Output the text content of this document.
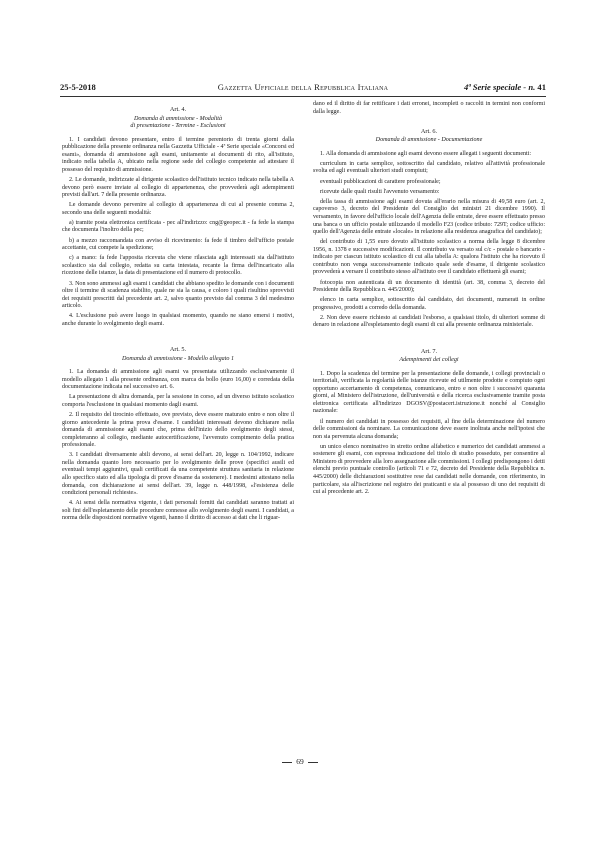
25-5-2018	Gazzetta Ufficiale della Repubblica Italiana	4ª Serie speciale - n. 41
Art. 4.
Domanda di ammissione - Modalità
di presentazione - Termine - Esclusioni

1. I candidati devono presentare, entro il termine perentorio di trenta giorni dalla pubblicazione della presente ordinanza nella Gazzetta Ufficiale - 4ª Serie speciale «Concorsi ed esami», domanda di ammissione agli esami, unitamente ai documenti di rito, all'istituto, indicato nella tabella A, ubicato nella regione sede del collegio competente ad attestare il possesso del requisito di ammissione.

2. Le domande, indirizzate al dirigente scolastico dell'istituto tecnico indicato nella tabella A devono però essere inviate al collegio di appartenenza, che provvederà agli adempimenti previsti dall'art. 7 della presente ordinanza.

Le domande devono pervenire al collegio di appartenenza di cui al presente comma 2, secondo una delle seguenti modalità:

a) tramite posta elettronica certificata - pec all'indirizzo: cng@geopec.it - fa fede la stampa che documenta l'inoltro della pec;

b) a mezzo raccomandata con avviso di ricevimento: fa fede il timbro dell'ufficio postale accettante, cui compete la spedizione;

c) a mano: fa fede l'apposita ricevuta che viene rilasciata agli interessati sia dall'istituto scolastico sia dal collegio, redatta su carta intestata, recante la firma dell'incaricato alla ricezione delle istanze, la data di presentazione ed il numero di protocollo.

3. Non sono ammessi agli esami i candidati che abbiano spedito le domande con i documenti oltre il termine di scadenza stabilito, quale ne sia la causa, e coloro i quali risultino sprovvisti dei requisiti prescritti dal precedente art. 2, salvo quanto previsto dal comma 3 del medesimo articolo.

4. L'esclusione può avere luogo in qualsiasi momento, quando ne siano emersi i motivi, anche durante lo svolgimento degli esami.

Art. 5.
Domanda di ammissione - Modello allegato 1

1. La domanda di ammissione agli esami va presentata utilizzando esclusivamente il modello allegato 1 alla presente ordinanza, con marca da bollo (euro 16,00) e corredata della documentazione indicata nel successivo art. 6.

La presentazione di altra domanda, per la sessione in corso, ad un diverso istituto scolastico comporta l'esclusione in qualsiasi momento dagli esami.

2. Il requisito del tirocinio effettuato, ove previsto, deve essere maturato entro e non oltre il giorno antecedente la prima prova d'esame. I candidati interessati devono dichiarare nella domanda di ammissione agli esami che, prima dell'inizio dello svolgimento degli stessi, completeranno al collegio, mediante autocertificazione, l'avvenuto compimento della pratica professionale.

3. I candidati diversamente abili devono, ai sensi dell'art. 20, legge n. 104/1992, indicare nella domanda quanto loro necessario per lo svolgimento delle prove (specifici ausili ed eventuali tempi aggiuntivi, quali certificati da una competente struttura sanitaria in relazione allo specifico stato ed alla tipologia di prove d'esame da sostenere). I medesimi attestano nella domanda, con dichiarazione ai sensi dell'art. 39, legge n. 448/1998, «l'esistenza delle condizioni personali richieste».

4. Ai sensi della normativa vigente, i dati personali forniti dai candidati saranno trattati ai soli fini dell'espletamento delle procedure connesse allo svolgimento degli esami. I candidati, a norma delle disposizioni normative vigenti, hanno il diritto di accesso ai dati che li riguar-

dano ed il diritto di far rettificare i dati erronei, incompleti o raccolti in termini non conformi dalla legge.

Art. 6.
Domanda di ammissione - Documentazione

1. Alla domanda di ammissione agli esami devono essere allegati i seguenti documenti:

curriculum in carta semplice, sottoscritto dal candidato, relativo all'attività professionale svolta ed agli eventuali ulteriori studi compiuti;

eventuali pubblicazioni di carattere professionale;

ricevute dalle quali risulti l'avvenuto versamento:

della tassa di ammissione agli esami dovuta all'erario nella misura di 49,58 euro (art. 2, capoverso 3, decreto del Presidente del Consiglio dei ministri 21 dicembre 1990). Il versamento, in favore dell'ufficio locale dell'Agenzia delle entrate, deve essere effettuato presso una banca o un ufficio postale utilizzando il modello F23 (codice tributo: 729T; codice ufficio: quello dell'Agenzia delle entrate «locale» in relazione alla residenza anagrafica del candidato);

del contributo di 1,55 euro dovuto all'istituto scolastico a norma della legge 8 dicembre 1956, n. 1378 e successive modificazioni. Il contributo va versato sul c/c - postale o bancario - indicato per ciascun istituto scolastico di cui alla tabella A: qualora l'istituto che ha ricevuto il contributo non venga successivamente indicato quale sede d'esame, il dirigente scolastico provvederà a versare il contributo stesso all'istituto ove il candidato effettuerà gli esami;

fotocopia non autenticata di un documento di identità (art. 38, comma 3, decreto del Presidente della Repubblica n. 445/2000);

elenco in carta semplice, sottoscritto dal candidato, dei documenti, numerati in ordine progressivo, prodotti a corredo della domanda.

2. Non deve essere richiesto ai candidati l'esborso, a qualsiasi titolo, di ulteriori somme di denaro in relazione all'espletamento degli esami di cui alla presente ordinanza ministeriale.

Art. 7.
Adempimenti dei collegi

1. Dopo la scadenza del termine per la presentazione delle domande, i collegi provinciali o territoriali, verificata la regolarità delle istanze ricevute ed utilmente prodotte e compiuto ogni opportuno accertamento di competenza, comunicano, entro e non oltre i successivi quaranta giorni, al Ministero dell'istruzione, dell'università e della ricerca esclusivamente tramite posta elettronica certificata all'indirizzo DGOSV@postacert.istruzione.it nonché al Consiglio nazionale:

il numero dei candidati in possesso dei requisiti, al fine della determinazione del numero delle commissioni da nominare. La comunicazione deve essere inoltrata anche nell'ipotesi che non sia pervenuta alcuna domanda;

un unico elenco nominativo in stretto ordine alfabetico e numerico dei candidati ammessi a sostenere gli esami, con espressa indicazione del titolo di studio posseduto, per consentire al Ministero di provvedere alla loro assegnazione alle commissioni. I collegi predispongono i detti elenchi previo puntuale controllo (articoli 71 e 72, decreto del Presidente della Repubblica n. 445/2000) delle dichiarazioni sostitutive rese dai candidati nelle domande, con riferimento, in particolare, sia all'iscrizione nel registro dei praticanti e sia al possesso di uno dei requisiti di cui al precedente art. 2.

69
